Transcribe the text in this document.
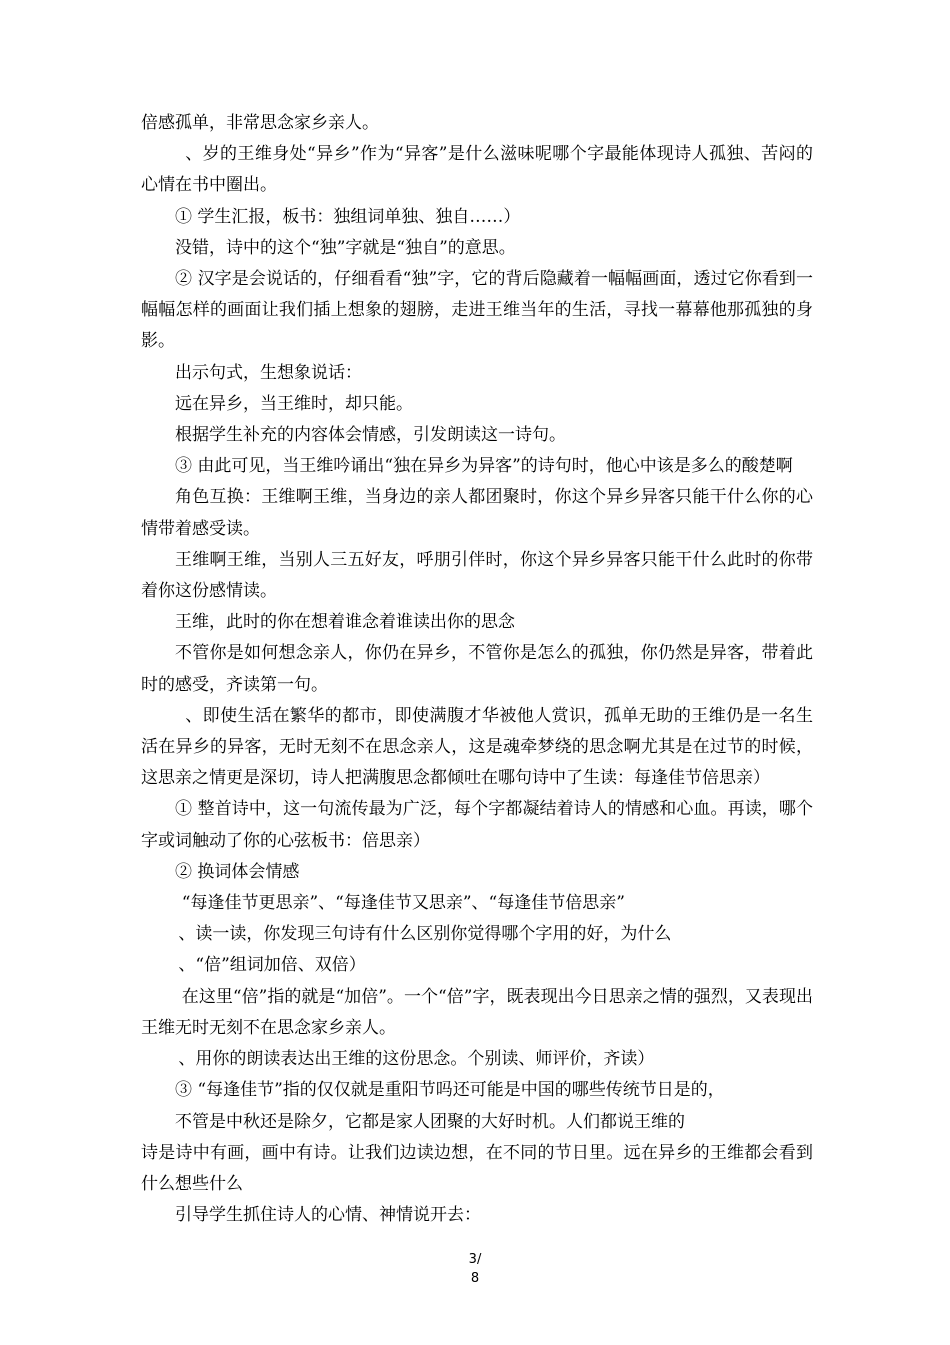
倍感孤单，非常思念家乡亲人。

、岁的王维身处“异乡”作为“异客”是什么滋味呢哪个字最能体现诗人孤独、苦闷的心情在书中圈出。

① 学生汇报，板书：独组词单独、独自……）

没错，诗中的这个“独”字就是“独自”的意思。

② 汉字是会说话的，仔细看看“独”字，它的背后隐藏着一幅幅画面，透过它你看到一幅幅怎样的画面让我们插上想象的翅膀，走进王维当年的生活，寻找一幕幕他那孤独的身影。

出示句式，生想象说话：

远在异乡，当王维时，却只能。

根据学生补充的内容体会情感，引发朗读这一诗句。

③ 由此可见，当王维吟诵出“独在异乡为异客”的诗句时，他心中该是多么的酸楚啊

角色互换：王维啊王维，当身边的亲人都团聚时，你这个异乡异客只能干什么你的心情带着感受读。

王维啊王维，当别人三五好友，呼朋引伴时，你这个异乡异客只能干什么此时的你带着你这份感情读。

王维，此时的你在想着谁念着谁读出你的思念

不管你是如何想念亲人，你仍在异乡，不管你是怎么的孤独，你仍然是异客，带着此时的感受，齐读第一句。

、即使生活在繁华的都市，即使满腹才华被他人赏识，孤单无助的王维仍是一名生活在异乡的异客，无时无刻不在思念亲人，这是魂牵梦绕的思念啊尤其是在过节的时候，这思亲之情更是深切，诗人把满腹思念都倾吐在哪句诗中了生读：每逢佳节倍思亲）

① 整首诗中，这一句流传最为广泛，每个字都凝结着诗人的情感和心血。再读，哪个字或词触动了你的心弦板书：倍思亲）

② 换词体会情感

“每逢佳节更思亲”、“每逢佳节又思亲”、“每逢佳节倍思亲”

、读一读，你发现三句诗有什么区别你觉得哪个字用的好，为什么

、“倍”组词加倍、双倍）

在这里“倍”指的就是“加倍”。一个“倍”字，既表现出今日思亲之情的强烈，又表现出王维无时无刻不在思念家乡亲人。

、用你的朗读表达出王维的这份思念。个别读、师评价，齐读）

③ “每逢佳节”指的仅仅就是重阳节吗还可能是中国的哪些传统节日是的，

不管是中秋还是除夕，它都是家人团聚的大好时机。人们都说王维的

诗是诗中有画，画中有诗。让我们边读边想，在不同的节日里。远在异乡的王维都会看到什么想些什么

引导学生抓住诗人的心情、神情说开去：

3/
8
